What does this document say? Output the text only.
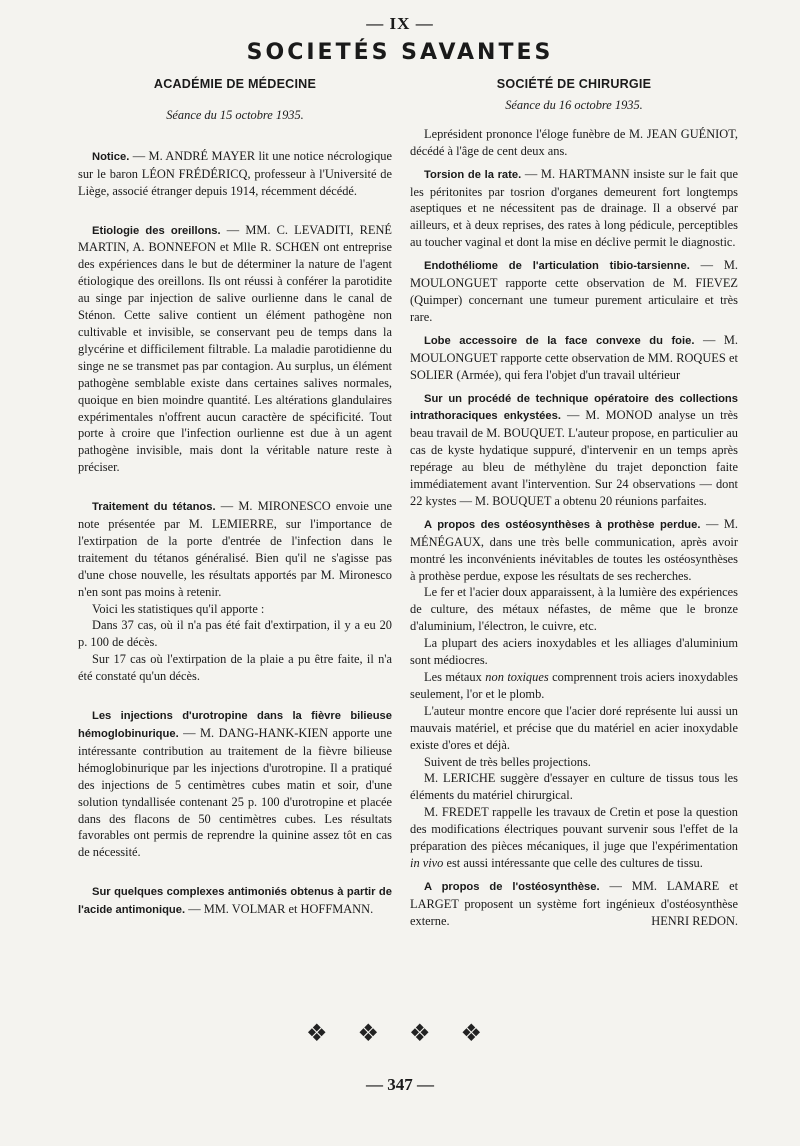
— IX —
SOCIETÉS SAVANTES
ACADÉMIE DE MÉDECINE
Séance du 15 octobre 1935.

Notice. — M. ANDRÉ MAYER lit une notice nécrologique sur le baron LÉON FRÉDÉRICQ, professeur à l'Université de Liège, associé étranger depuis 1914, récemment décédé.

Etiologie des oreillons. — MM. C. LEVADITI, RENÉ MARTIN, A. BONNEFON et Mlle R. SCHŒN ont entreprise des expériences dans le but de déterminer la nature de l'agent étiologique des oreillons. Ils ont réussi à conférer la parotidite au singe par injection de salive ourlienne dans le canal de Sténon. Cette salive contient un élément pathogène non cultivable et invisible, se conservant peu de temps dans la glycérine et difficilement filtrable. La maladie parotidienne du singe ne se transmet pas par contagion. Au surplus, un élément pathogène semblable existe dans certaines salives normales, quoique en bien moindre quantité. Les altérations glandulaires expérimentales n'offrent aucun caractère de spécificité. Tout porte à croire que l'infection ourlienne est due à un agent pathogène invisible, mais dont la véritable nature reste à préciser.

Traitement du tétanos. — M. MIRONESCO envoie une note présentée par M. LEMIERRE, sur l'importance de l'extirpation de la porte d'entrée de l'infection dans le traitement du tétanos généralisé. Bien qu'il ne s'agisse pas d'une chose nouvelle, les résultats apportés par M. Mironesco n'en sont pas moins à retenir.

Voici les statistiques qu'il apporte :

Dans 37 cas, où il n'a pas été fait d'extirpation, il y a eu 20 p. 100 de décès.

Sur 17 cas où l'extirpation de la plaie a pu être faite, il n'a été constaté qu'un décès.

Les injections d'urotropine dans la fièvre bilieuse hémoglobinurique. — M. DANG-HANK-KIEN apporte une intéressante contribution au traitement de la fièvre bilieuse hémoglobinurique par les injections d'urotropine. Il a pratiqué des injections de 5 centimètres cubes matin et soir, d'une solution tyndallisée contenant 25 p. 100 d'urotropine et placée dans des flacons de 50 centimètres cubes. Les résultats favorables ont permis de reprendre la quinine assez tôt en cas de nécessité.

Sur quelques complexes antimoniés obtenus à partir de l'acide antimonique. — MM. VOLMAR et HOFFMANN.

SOCIÉTÉ DE CHIRURGIE
Séance du 16 octobre 1935.

Leprésident prononce l'éloge funèbre de M. JEAN GUÉNIOT, décédé à l'âge de cent deux ans.

Torsion de la rate. — M. HARTMANN insiste sur le fait que les péritonites par tosrion d'organes demeurent fort longtemps aseptiques et ne nécessitent pas de drainage. Il a observé par ailleurs, et à deux reprises, des rates à long pédicule, perceptibles au toucher vaginal et dont la mise en déclive permit le diagnostic.

Endothéliome de l'articulation tibio-tarsienne. — M. MOULONGUET rapporte cette observation de M. FIEVEZ (Quimper) concernant une tumeur purement articulaire et très rare.

Lobe accessoire de la face convexe du foie. — M. MOULONGUET rapporte cette observation de MM. ROQUES et SOLIER (Armée), qui fera l'objet d'un travail ultérieur

Sur un procédé de technique opératoire des collections intrathoraciques enkystées. — M. MONOD analyse un très beau travail de M. BOUQUET. L'auteur propose, en particulier au cas de kyste hydatique suppuré, d'intervenir en un temps après repérage au bleu de méthylène du trajet deponction faite immédiatement avant l'intervention. Sur 24 observations — dont 22 kystes — M. BOUQUET a obtenu 20 réunions parfaites.

A propos des ostéosynthèses à prothèse perdue. — M. MÉNÉGAUX, dans une très belle communication, après avoir montré les inconvénients inévitables de toutes les ostéosynthèses à prothèse perdue, expose les résultats de ses recherches.

Le fer et l'acier doux apparaissent, à la lumière des expériences de culture, des métaux néfastes, de même que le bronze d'aluminium, l'électron, le cuivre, etc.

La plupart des aciers inoxydables et les alliages d'aluminium sont médiocres.

Les métaux non toxiques comprennent trois aciers inoxydables seulement, l'or et le plomb.

L'auteur montre encore que l'acier doré représente lui aussi un mauvais matériel, et précise que du matériel en acier inoxydable existe d'ores et déjà.

Suivent de très belles projections.

M. LERICHE suggère d'essayer en culture de tissus tous les éléments du matériel chirurgical.

M. FREDET rappelle les travaux de Cretin et pose la question des modifications électriques pouvant survenir sous l'effet de la préparation des pièces mécaniques, il juge que l'expérimentation in vivo est aussi intéressante que celle des cultures de tissu.

A propos de l'ostéosynthèse. — MM. LAMARE et LARGET proposent un système fort ingénieux d'ostéosynthèse externe.	HENRI REDON.

❖ ❖ ❖ ❖
— 347 —
